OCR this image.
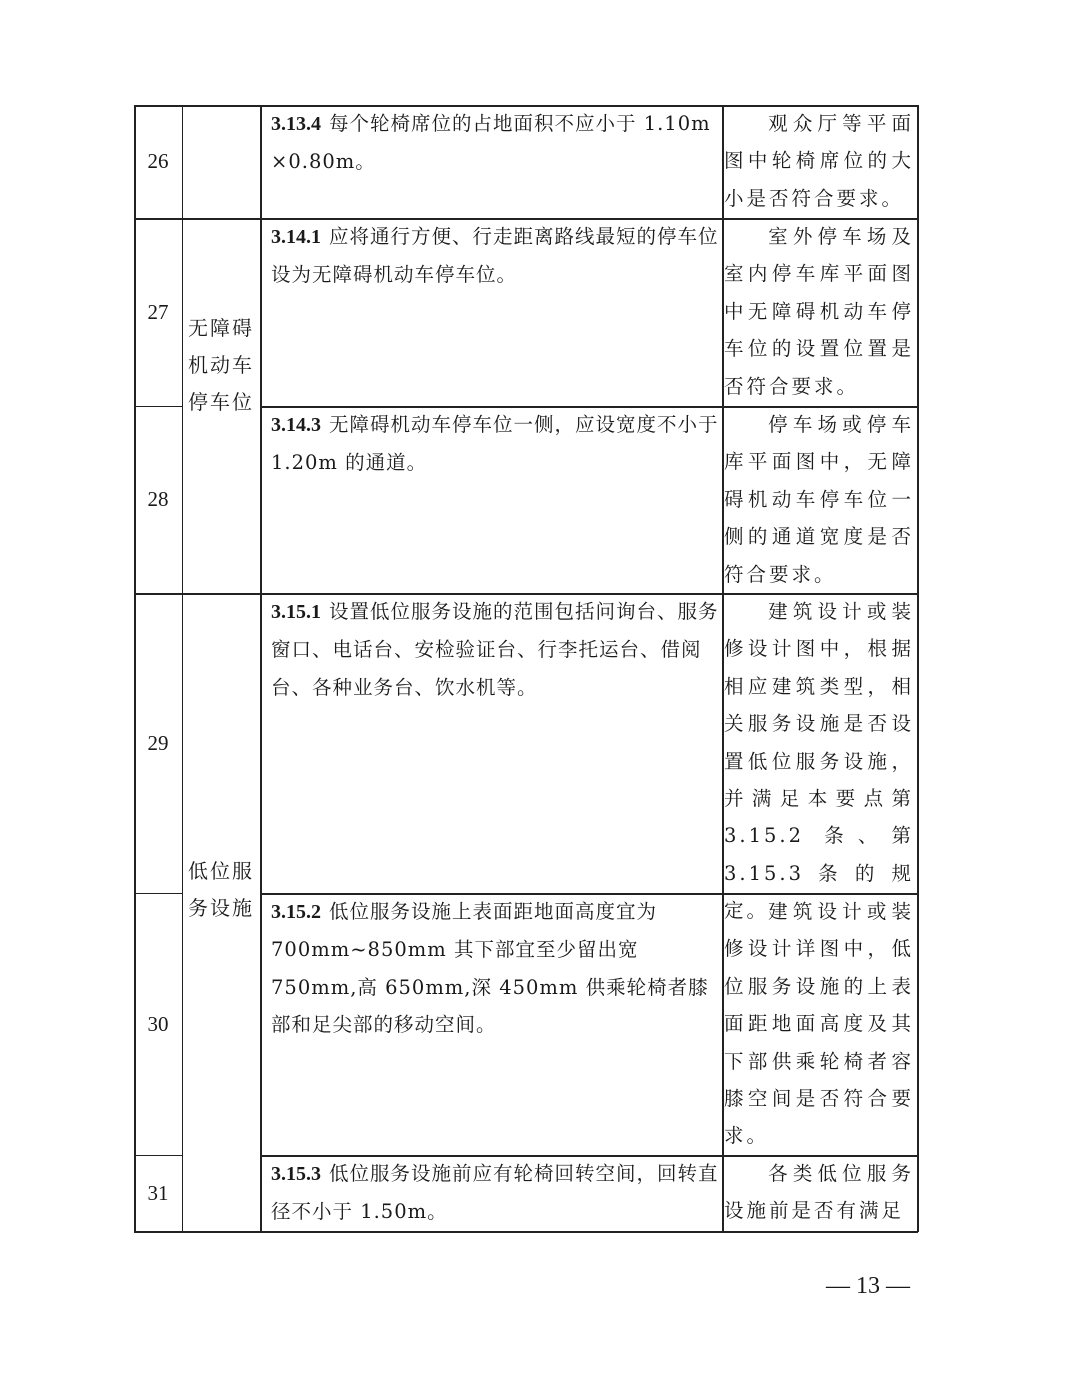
26
3.13.4 每个轮椅席位的占地面积不应小于 1.10m ×0.80m。
观众厅等平面图中轮椅席位的大小是否符合要求。
27
3.14.1 应将通行方便、行走距离路线最短的停车位设为无障碍机动车停车位。
室外停车场及室内停车库平面图中无障碍机动车停车位的设置位置是否符合要求。
28
3.14.3 无障碍机动车停车位一侧，应设宽度不小于 1.20m 的通道。
停车场或停车库平面图中，无障碍机动车停车位一侧的通道宽度是否符合要求。
无障碍机动车停车位
29
3.15.1 设置低位服务设施的范围包括问询台、服务窗口、电话台、安检验证台、行李托运台、借阅台、各种业务台、饮水机等。
建筑设计或装修设计图中，根据相应建筑类型，相关服务设施是否设置低位服务设施，并满足本要点第3.15.2 条、第 3.15.3条的规定。
低位服务设施
30
3.15.2 低位服务设施上表面距地面高度宜为 700mm~850mm 其下部宜至少留出宽 750mm,高 650mm,深 450mm 供乘轮椅者膝部和足尖部的移动空间。
建筑设计或装修设计详图中，低位服务设施的上表面距地面高度及其下部供乘轮椅者容膝空间是否符合要求。
31
3.15.3 低位服务设施前应有轮椅回转空间，回转直径不小于 1.50m。
各类低位服务设施前是否有满足
— 13 —
